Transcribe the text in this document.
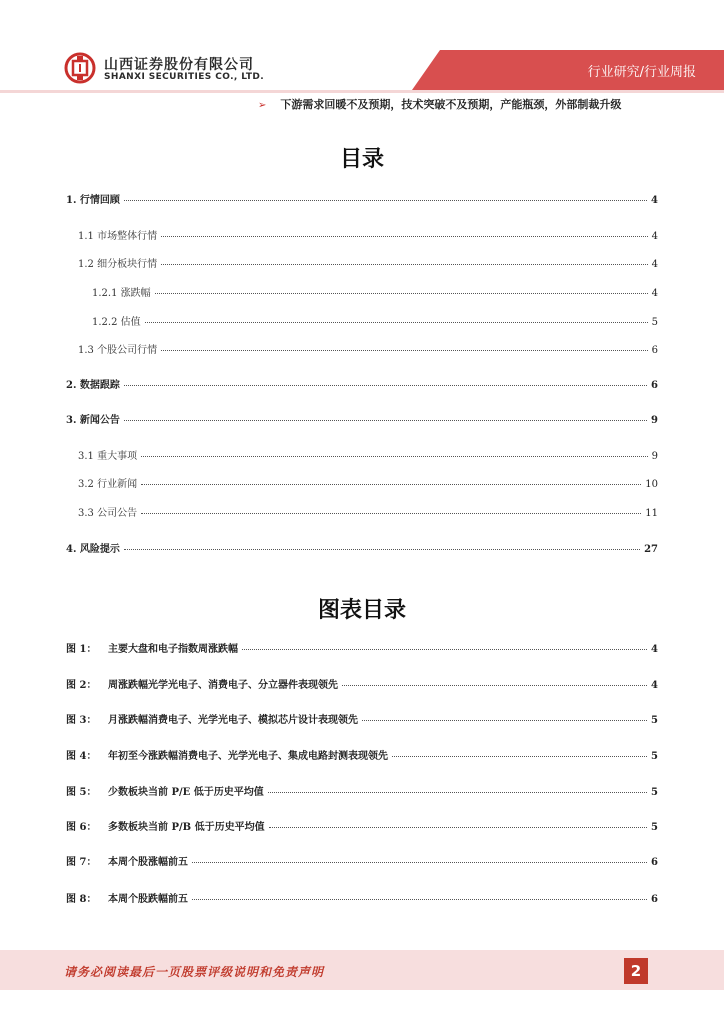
山西证券股份有限公司
SHANXI SECURITIES CO., LTD.	行业研究/行业周报
➢ 下游需求回暖不及预期，技术突破不及预期，产能瓶颈，外部制裁升级
目录
1. 行情回顾	4
1.1 市场整体行情	4
1.2 细分板块行情	4
1.2.1 涨跌幅	4
1.2.2 估值	5
1.3 个股公司行情	6
2. 数据跟踪	6
3. 新闻公告	9
3.1 重大事项	9
3.2 行业新闻	10
3.3 公司公告	11
4. 风险提示	27
图表目录
图 1：	主要大盘和电子指数周涨跌幅	4
图 2：	周涨跌幅光学光电子、消费电子、分立器件表现领先	4
图 3：	月涨跌幅消费电子、光学光电子、模拟芯片设计表现领先	5
图 4：	年初至今涨跌幅消费电子、光学光电子、集成电路封测表现领先	5
图 5：	少数板块当前 P/E 低于历史平均值	5
图 6：	多数板块当前 P/B 低于历史平均值	5
图 7：	本周个股涨幅前五	6
图 8：	本周个股跌幅前五	6
请务必阅读最后一页股票评级说明和免责声明	2
